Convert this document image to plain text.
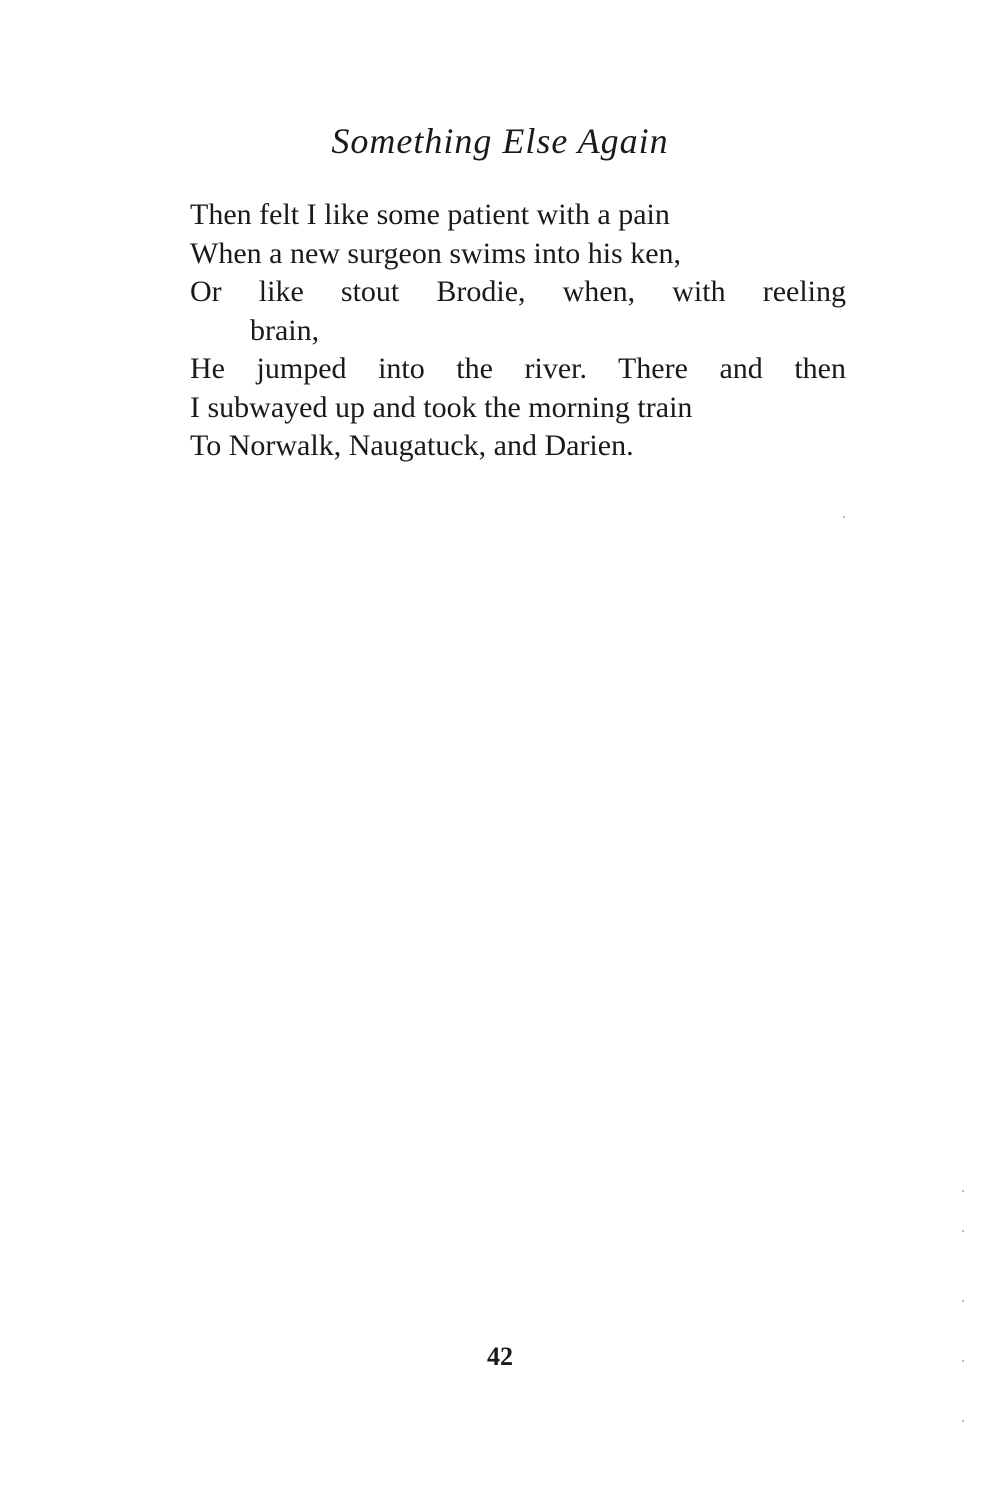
Something Else Again
Then felt I like some patient with a pain
When a new surgeon swims into his ken,
Or like stout Brodie, when, with reeling
brain,
He jumped into the river. There and then
I subwayed up and took the morning train
To Norwalk, Naugatuck, and Darien.
42
